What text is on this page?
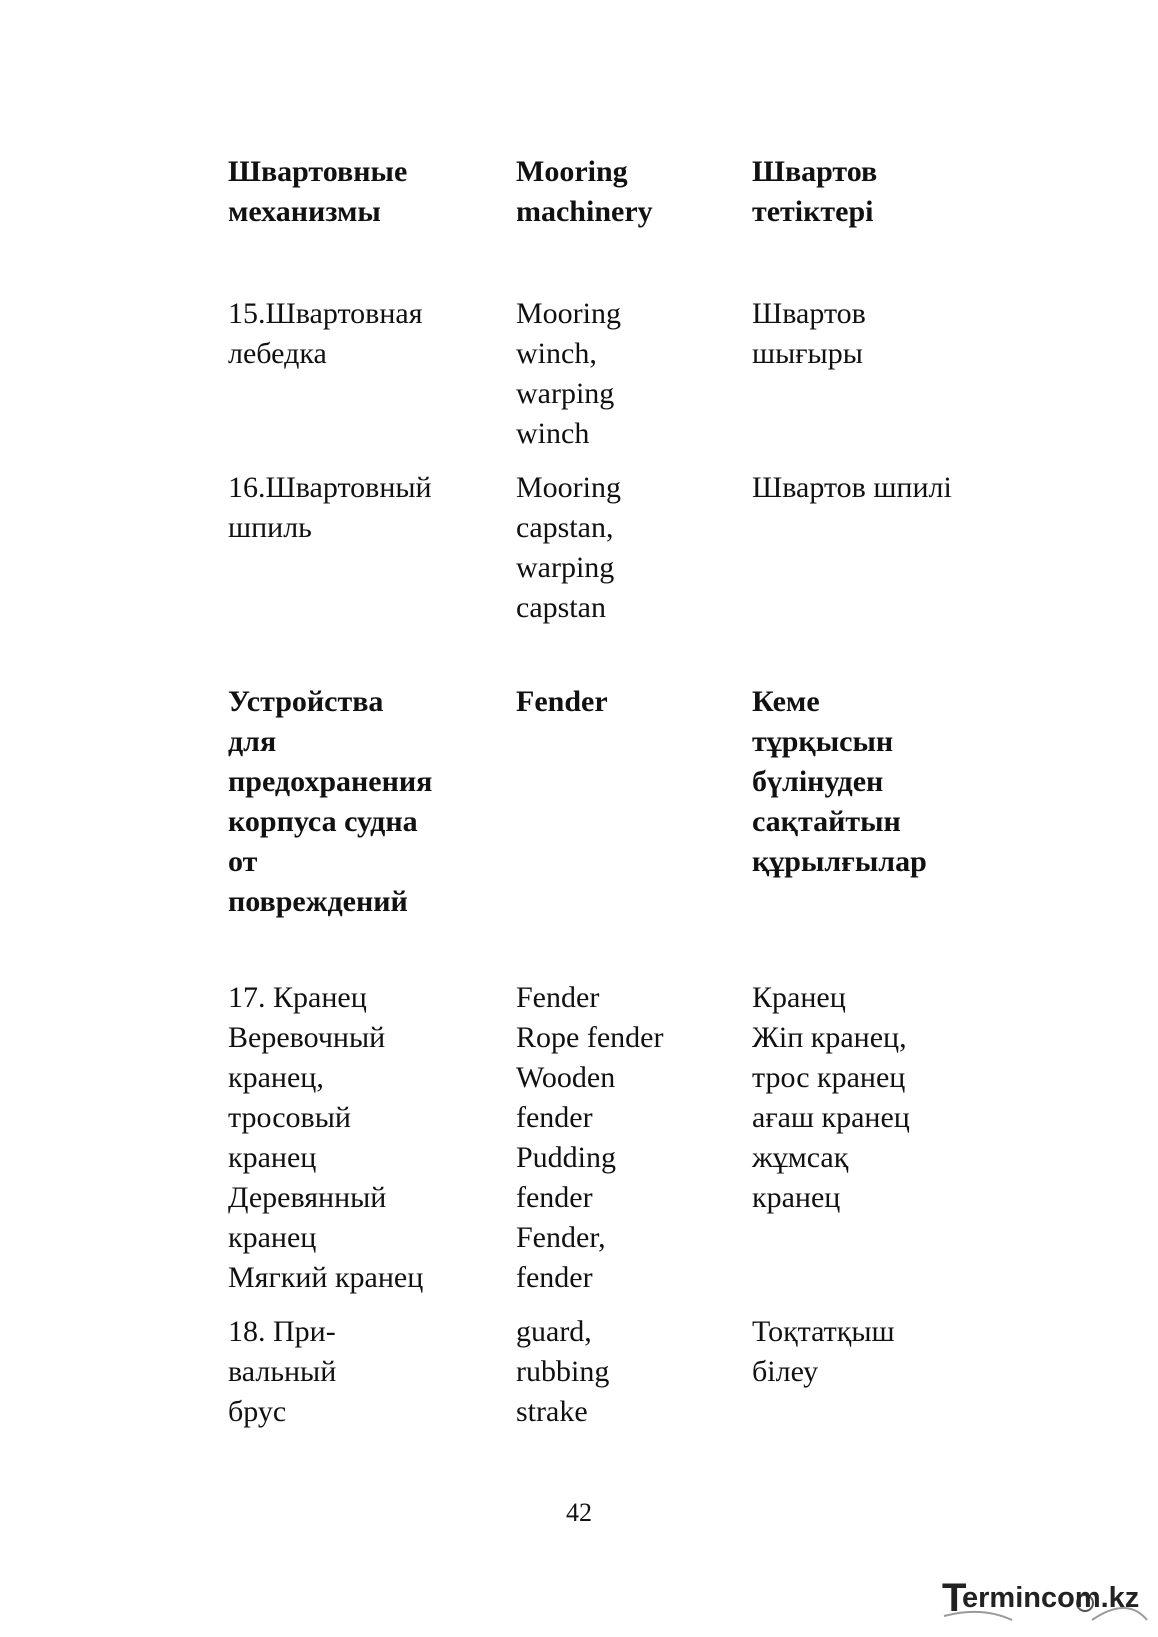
Швартовные
механизмы
Mooring
machinery
Швартов
тетіктері
15.Швартовная
лебедка
Mooring
winch,
warping
winch
Швартов
шығыры
16.Швартовный
шпиль
Mooring
capstan,
warping
capstan
Швартов шпилі
Устройства
для
предохранения
корпуса судна
от
повреждений
Fender	Кеме
тұрқысын
бүлінуден
сақтайтын
құрылғылар
17. Кранец
Веревочный
кранец,
тросовый
кранец
Деревянный
кранец
Мягкий кранец
Fender
Rope fender
Wooden
fender
Pudding
fender
Fender,
fender
Кранец
Жіп кранец,
трос кранец
ағаш кранец
жұмсақ
кранец
18. При-
вальный
брус
guard,
rubbing
strake
Тоқтатқыш
білеу
42
T
ermincom.kz
